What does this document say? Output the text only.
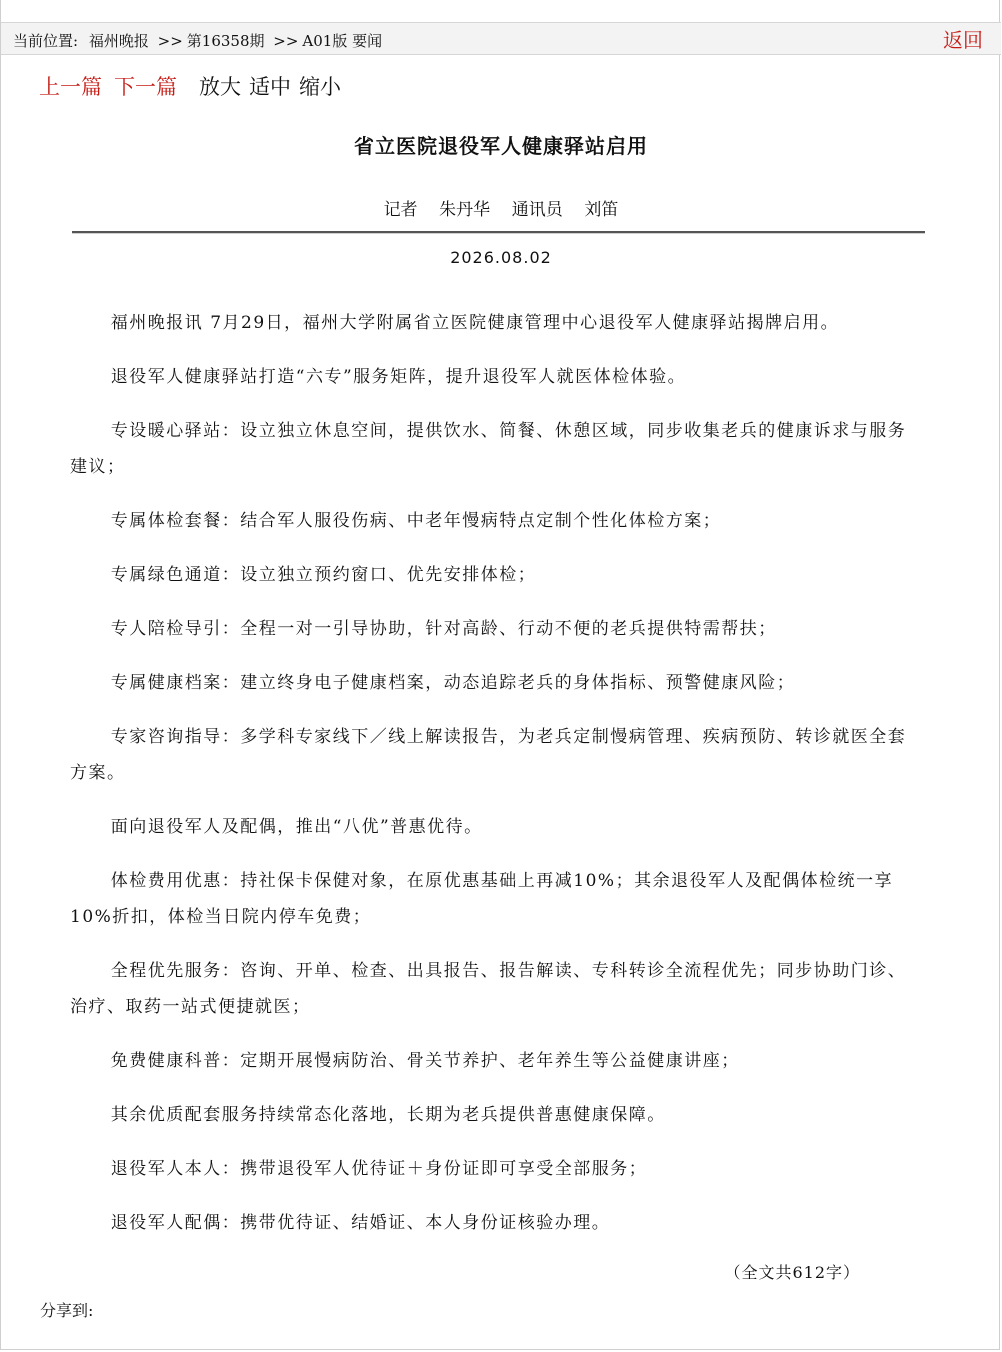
当前位置: 福州晚报 >> 第16358期 >> A01版 要闻	返回
上一篇 下一篇 放大 适中 缩小
省立医院退役军人健康驿站启用
记者    朱丹华    通讯员    刘笛
2026.08.02

福州晚报讯 7月29日，福州大学附属省立医院健康管理中心退役军人健康驿站揭牌启用。

退役军人健康驿站打造“六专”服务矩阵，提升退役军人就医体检体验。

专设暖心驿站：设立独立休息空间，提供饮水、简餐、休憩区域，同步收集老兵的健康诉求与服务建议；

专属体检套餐：结合军人服役伤病、中老年慢病特点定制个性化体检方案；

专属绿色通道：设立独立预约窗口、优先安排体检；

专人陪检导引：全程一对一引导协助，针对高龄、行动不便的老兵提供特需帮扶；

专属健康档案：建立终身电子健康档案，动态追踪老兵的身体指标、预警健康风险；

专家咨询指导：多学科专家线下／线上解读报告，为老兵定制慢病管理、疾病预防、转诊就医全套方案。

面向退役军人及配偶，推出“八优”普惠优待。

体检费用优惠：持社保卡保健对象，在原优惠基础上再减10%；其余退役军人及配偶体检统一享10%折扣，体检当日院内停车免费；

全程优先服务：咨询、开单、检查、出具报告、报告解读、专科转诊全流程优先；同步协助门诊、治疗、取药一站式便捷就医；

免费健康科普：定期开展慢病防治、骨关节养护、老年养生等公益健康讲座；

其余优质配套服务持续常态化落地，长期为老兵提供普惠健康保障。

退役军人本人：携带退役军人优待证＋身份证即可享受全部服务；

退役军人配偶：携带优待证、结婚证、本人身份证核验办理。

（全文共612字）
分享到:
